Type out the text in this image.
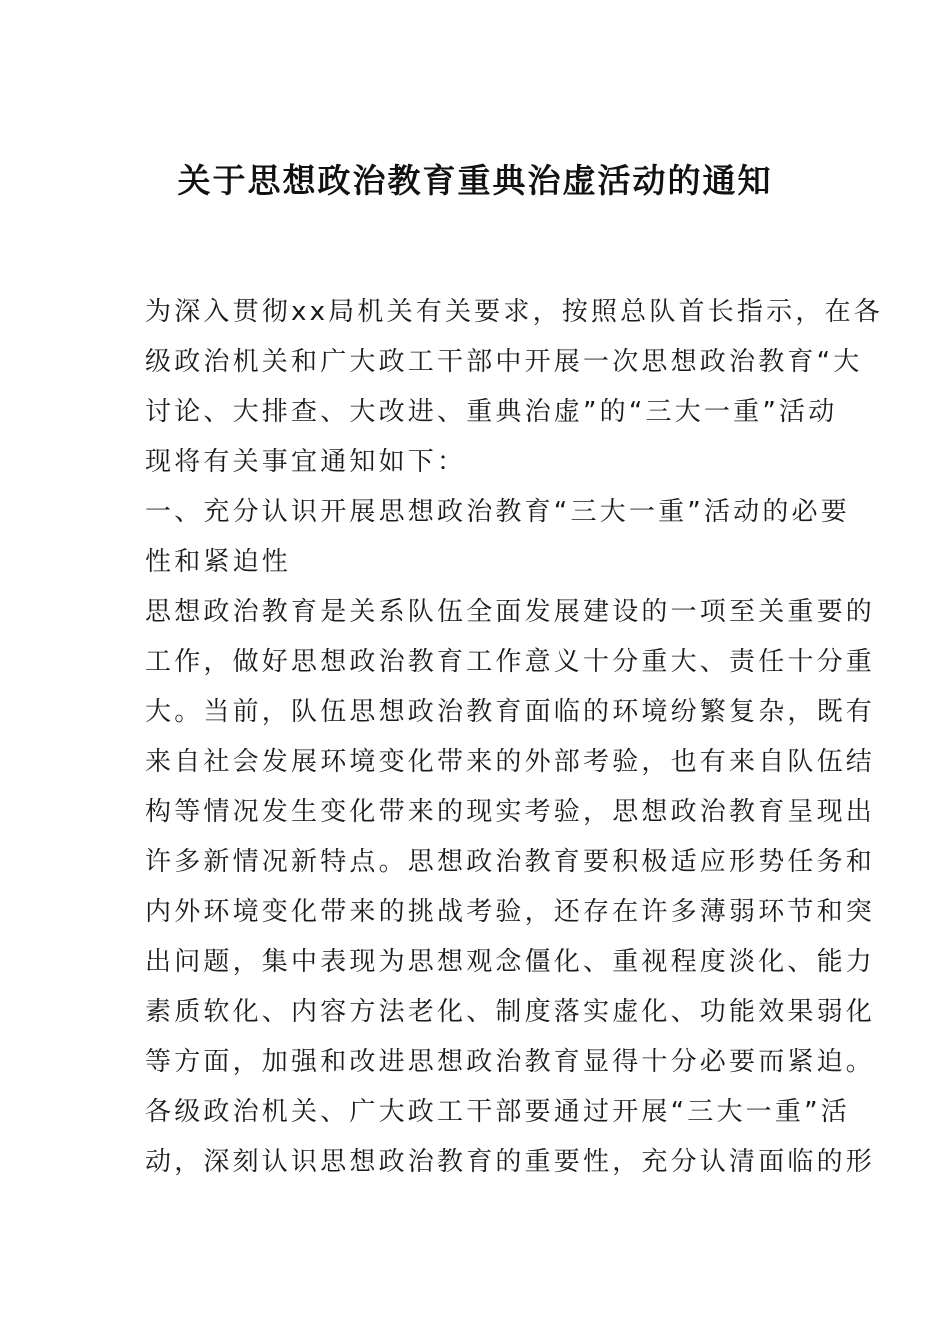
关于思想政治教育重典治虚活动的通知
为深入贯彻xx局机关有关要求，按照总队首长指示，在各
级政治机关和广大政工干部中开展一次思想政治教育“大
讨论、大排查、大改进、重典治虚”的“三大一重”活动
现将有关事宜通知如下：
一、充分认识开展思想政治教育“三大一重”活动的必要
性和紧迫性
思想政治教育是关系队伍全面发展建设的一项至关重要的
工作，做好思想政治教育工作意义十分重大、责任十分重
大。当前，队伍思想政治教育面临的环境纷繁复杂，既有
来自社会发展环境变化带来的外部考验，也有来自队伍结
构等情况发生变化带来的现实考验，思想政治教育呈现出
许多新情况新特点。思想政治教育要积极适应形势任务和
内外环境变化带来的挑战考验，还存在许多薄弱环节和突
出问题，集中表现为思想观念僵化、重视程度淡化、能力
素质软化、内容方法老化、制度落实虚化、功能效果弱化
等方面，加强和改进思想政治教育显得十分必要而紧迫。
各级政治机关、广大政工干部要通过开展“三大一重”活
动，深刻认识思想政治教育的重要性，充分认清面临的形
